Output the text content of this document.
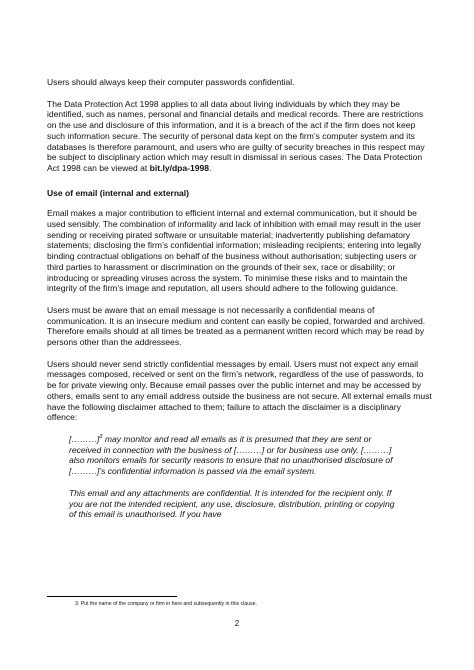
Users should always keep their computer passwords confidential.

The Data Protection Act 1998 applies to all data about living individuals by which they may be identified, such as names, personal and financial details and medical records. There are restrictions on the use and disclosure of this information, and it is a breach of the act if the firm does not keep such information secure. The security of personal data kept on the firm’s computer system and its databases is therefore paramount, and users who are guilty of security breaches in this respect may be subject to disciplinary action which may result in dismissal in serious cases. The Data Protection Act 1998 can be viewed at bit.ly/dpa-1998.

Use of email (internal and external)

Email makes a major contribution to efficient internal and external communication, but it should be used sensibly. The combination of informality and lack of inhibition with email may result in the user sending or receiving pirated software or unsuitable material; inadvertently publishing defamatory statements; disclosing the firm’s confidential information; misleading recipients; entering into legally binding contractual obligations on behalf of the business without authorisation; subjecting users or third parties to harassment or discrimination on the grounds of their sex, race or disability; or introducing or spreading viruses across the system. To minimise these risks and to maintain the integrity of the firm’s image and reputation, all users should adhere to the following guidance.

Users must be aware that an email message is not necessarily a confidential means of communication. It is an insecure medium and content can easily be copied, forwarded and archived. Therefore emails should at all times be treated as a permanent written record which may be read by persons other than the addressees.

Users should never send strictly confidential messages by email. Users must not expect any email messages composed, received or sent on the firm’s network, regardless of the use of passwords, to be for private viewing only. Because email passes over the public internet and may be accessed by others, emails sent to any email address outside the business are not secure. All external emails must have the following disclaimer attached to them; failure to attach the disclaimer is a disciplinary offence:

[………]$^3$ may monitor and read all emails as it is presumed that they are sent or received in connection with the business of [………] or for business use only. [………] also monitors emails for security reasons to ensure that no unauthorised disclosure of [………]’s confidential information is passed via the email system.

This email and any attachments are confidential. It is intended for the recipient only. If you are not the intended recipient, any use, disclosure, distribution, printing or copying of this email is unauthorised. If you have

3. Put the name of the company or firm in here and subsequently in this clause.
2
